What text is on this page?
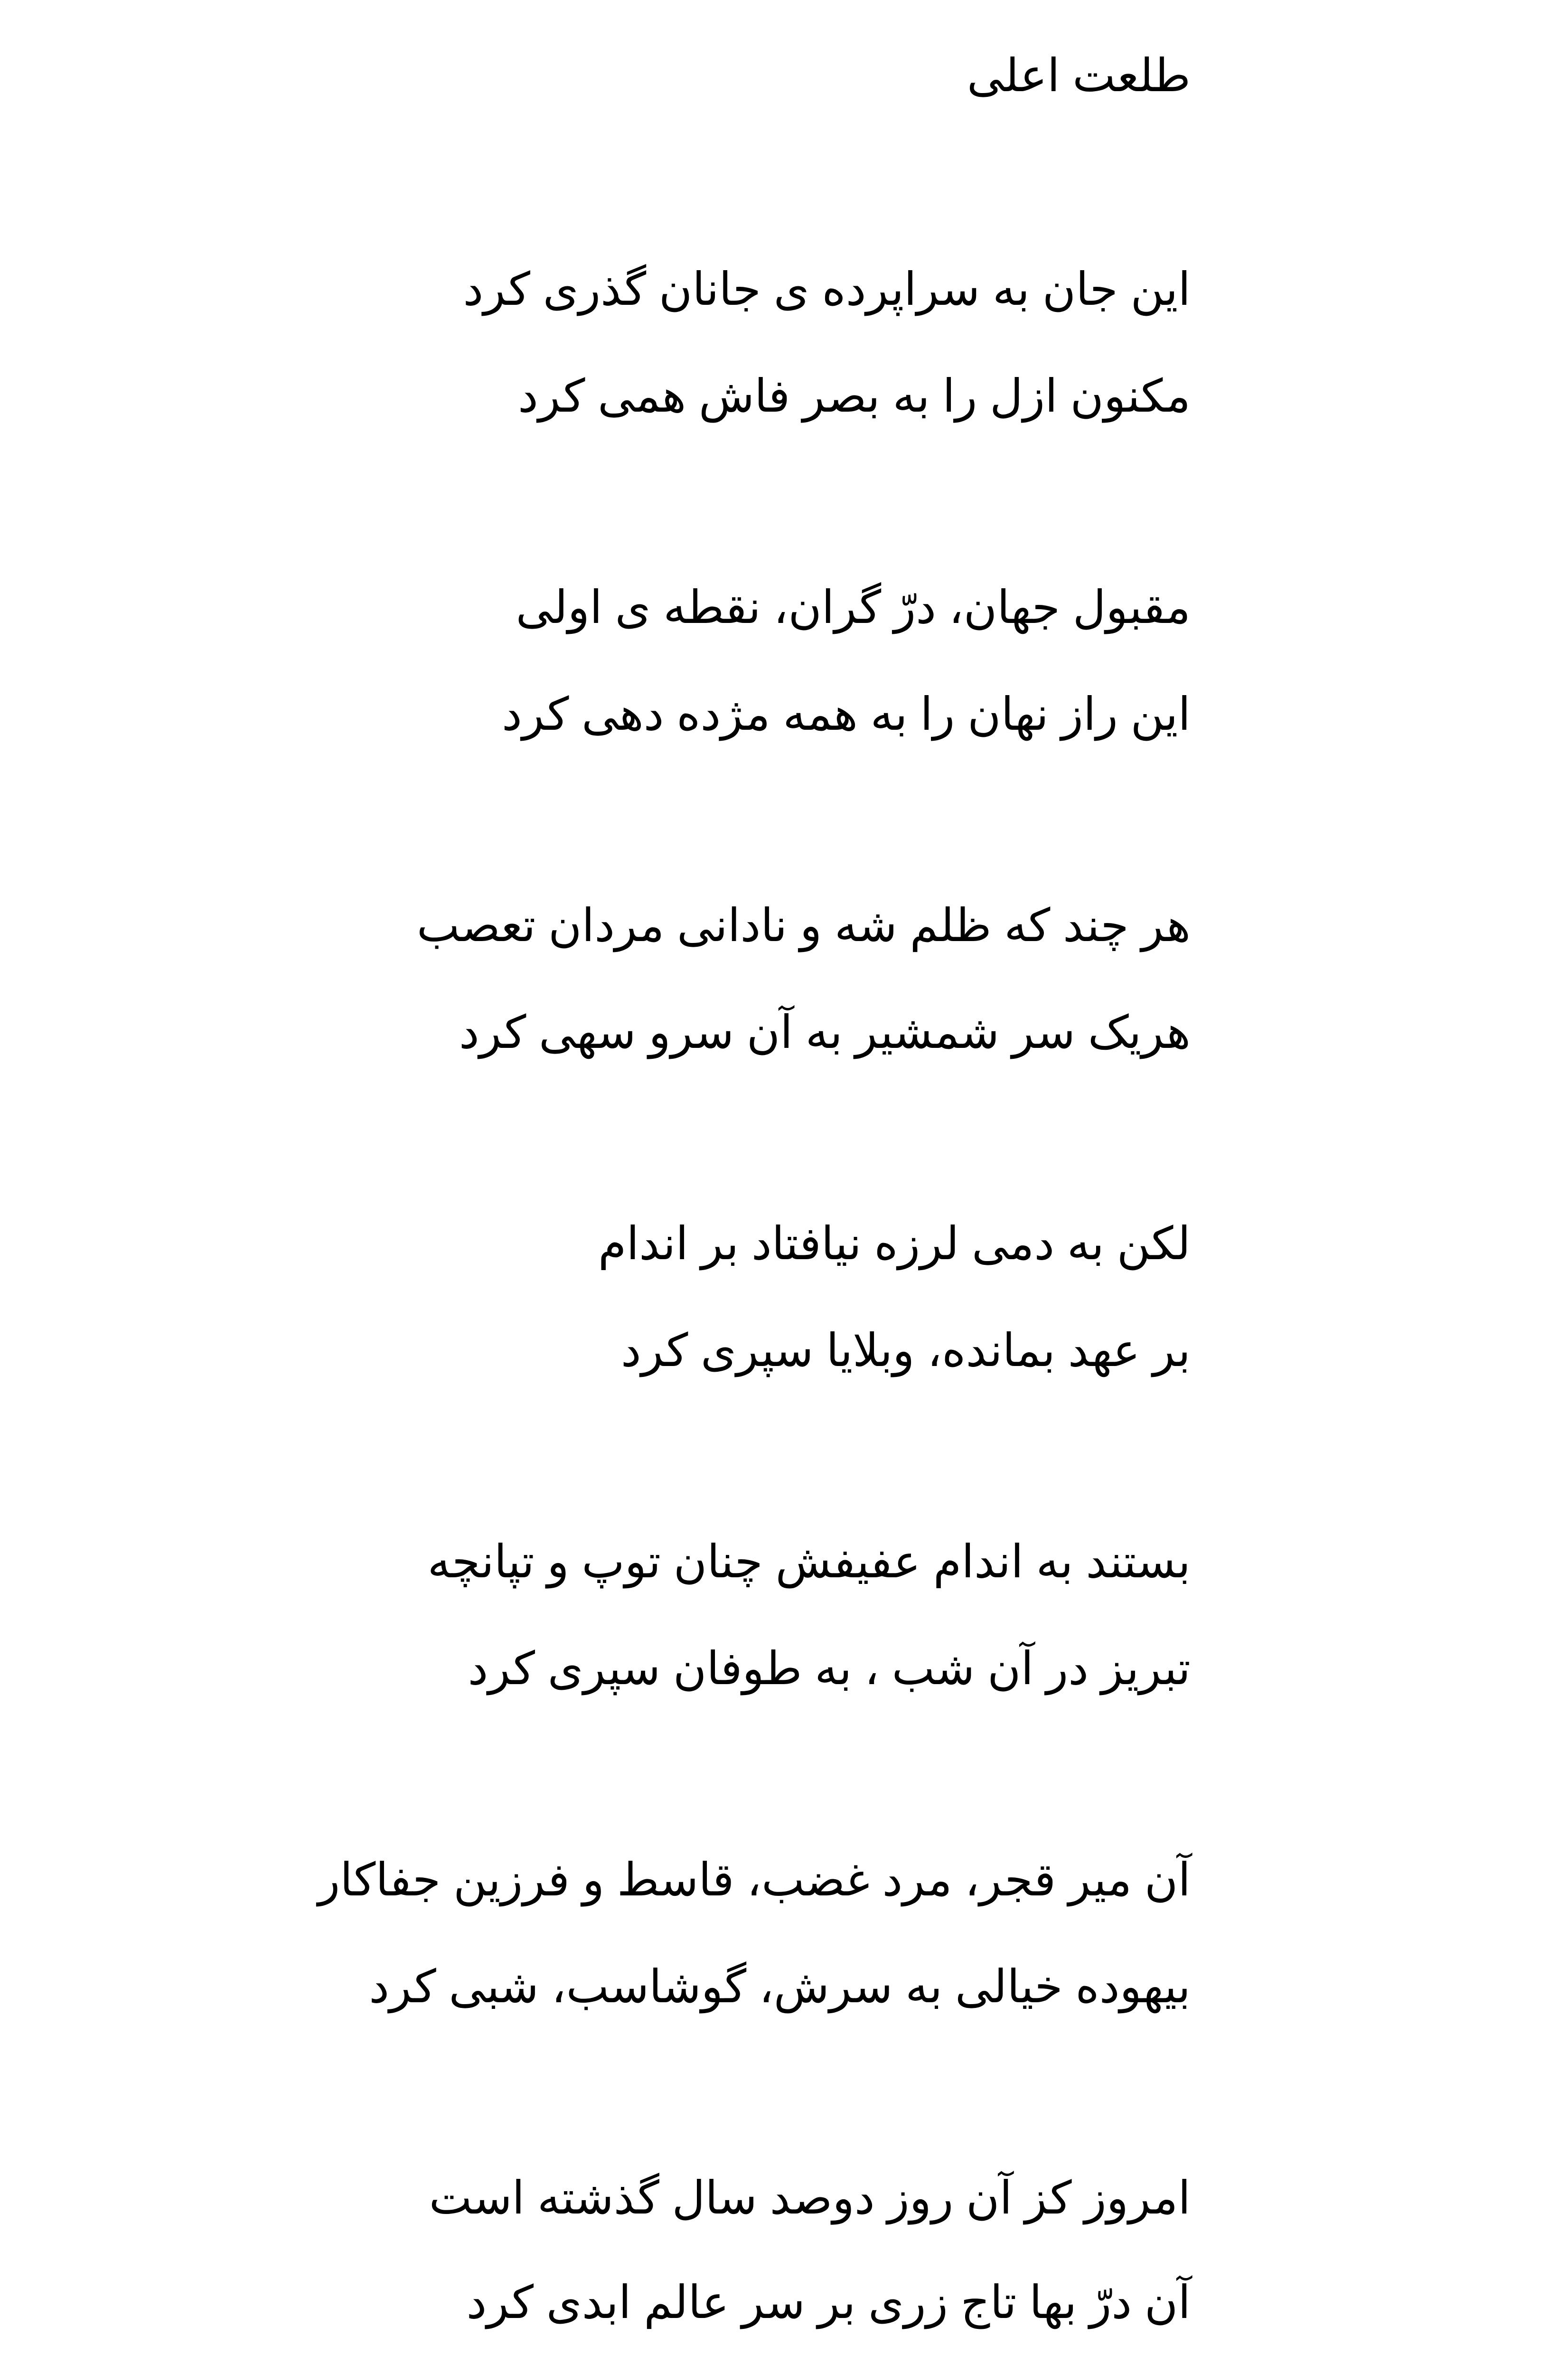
طلعت اعلی

این جان به سراپرده ی جانان گذری کرد

مکنون ازل را به بصر فاش همی کرد

مقبول جهان، درّ گران، نقطه ی اولی

این راز نهان را به همه مژده دهی کرد

هر چند که ظلم شه و نادانی مردان تعصب

هریک سر شمشیر به آن سرو سهی کرد

لکن به دمی لرزه نیافتاد بر اندام

بر عهد بمانده، وبلایا سپری کرد

بستند به اندام عفیفش چنان توپ و تپانچه

تبریز در آن شب ، به طوفان سپری کرد

آن میر قجر، مرد غضب، قاسط و فرزین جفاکار

بیهوده خیالی به سرش، گوشاسب، شبی کرد

امروز کز آن روز دوصد سال گذشته است

آن درّ بها تاج زری بر سر عالم ابدی کرد
